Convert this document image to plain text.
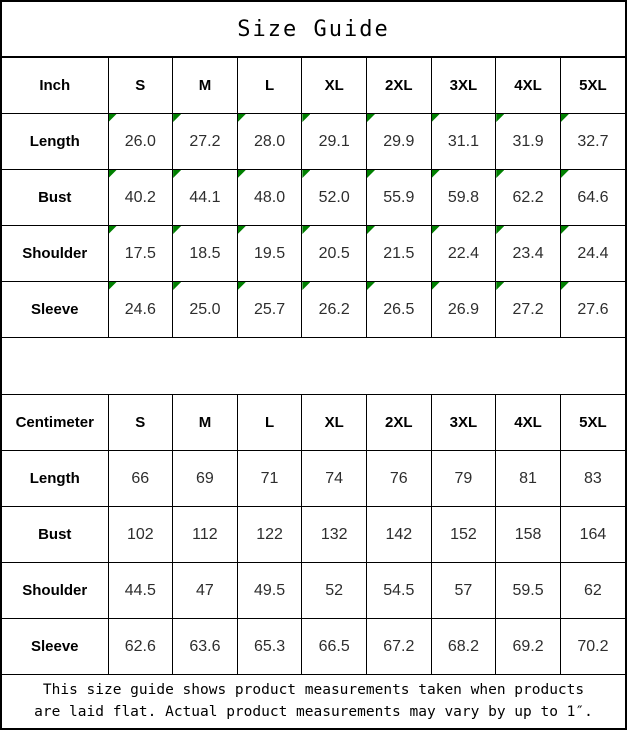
Size Guide
Inch	S	M	L	XL	2XL	3XL	4XL	5XL
Length	26.0	27.2	28.0	29.1	29.9	31.1	31.9	32.7

Bust	40.2	44.1	48.0	52.0	55.9	59.8	62.2	64.6

Shoulder	17.5	18.5	19.5	20.5	21.5	22.4	23.4	24.4

Sleeve	24.6	25.0	25.7	26.2	26.5	26.9	27.2	27.6
Centimeter	S	M	L	XL	2XL	3XL	4XL	5XL
Length	66	69	71	74	76	79	81	83
Bust	102	112	122	132	142	152	158	164
Shoulder	44.5	47	49.5	52	54.5	57	59.5	62
Sleeve	62.6	63.6	65.3	66.5	67.2	68.2	69.2	70.2
This size guide shows product measurements taken when products
are laid flat. Actual product measurements may vary by up to 1″.
